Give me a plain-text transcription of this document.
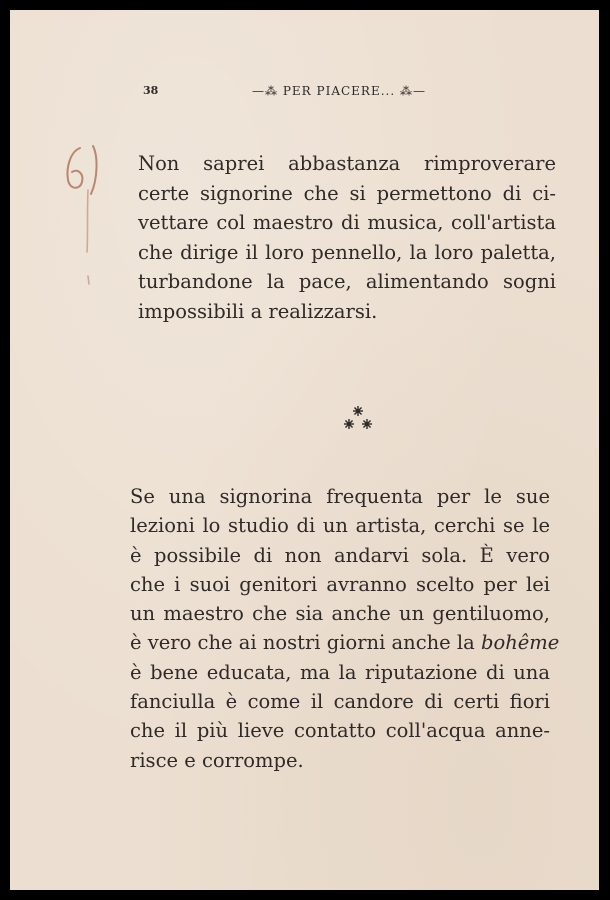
38	—⁂ PER PIACERE... ⁂—
Non saprei abbastanza rimproverare
certe signorine che si permettono di ci-
vettare col maestro di musica, coll'artista
che dirige il loro pennello, la loro paletta,
turbandone la pace, alimentando sogni
impossibili a realizzarsi.
Se una signorina frequenta per le sue
lezioni lo studio di un artista, cerchi se le
è possibile di non andarvi sola. È vero
che i suoi genitori avranno scelto per lei
un maestro che sia anche un gentiluomo,
è vero che ai nostri giorni anche la bohême
è bene educata, ma la riputazione di una
fanciulla è come il candore di certi fiori
che il più lieve contatto coll'acqua anne-
risce e corrompe.
